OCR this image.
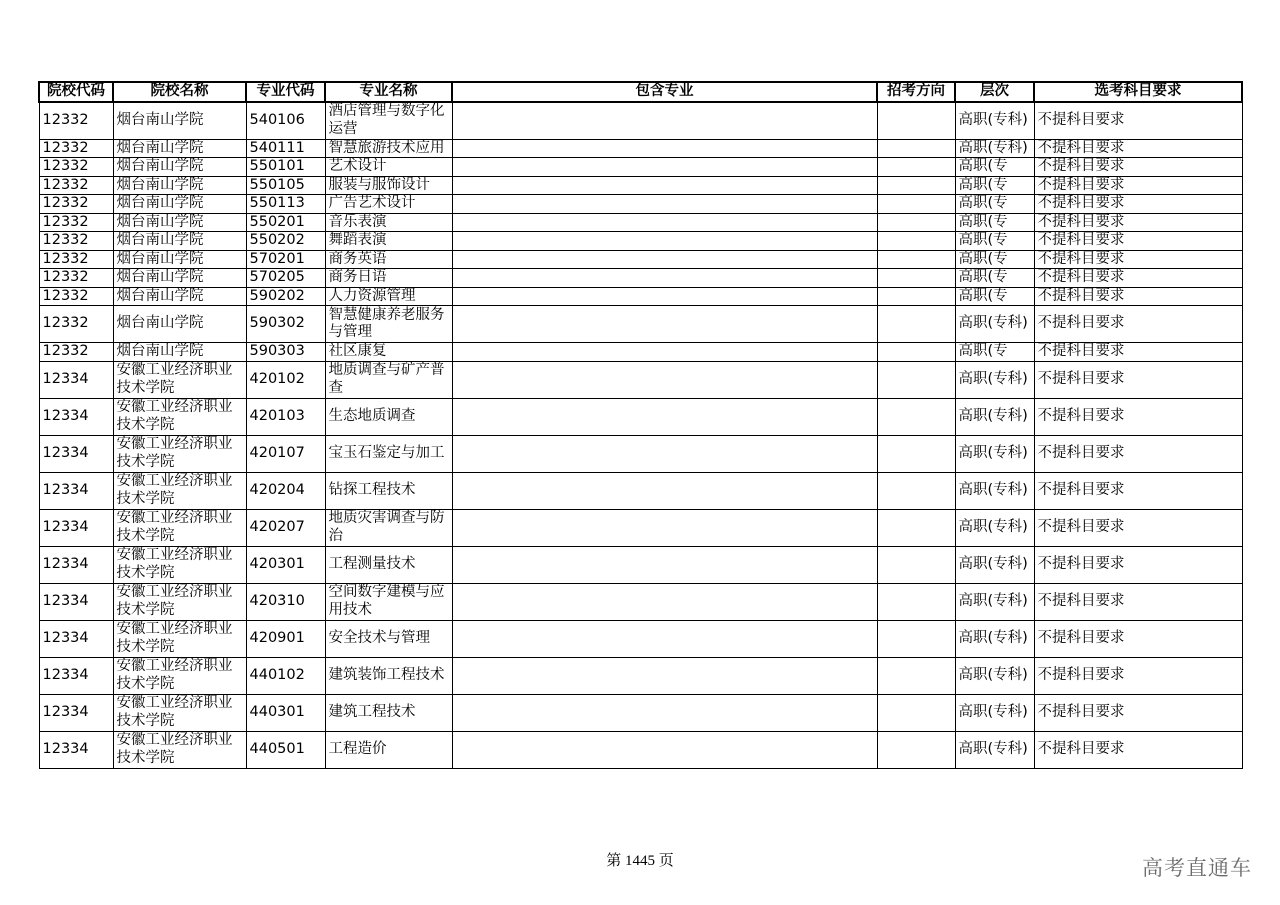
院校代码	院校名称	专业代码	专业名称	包含专业	招考方向	层次	选考科目要求
12332	烟台南山学院	540106	酒店管理与数字化运营			高职(专科)	不提科目要求
12332	烟台南山学院	540111	智慧旅游技术应用			高职(专科)	不提科目要求
12332	烟台南山学院	550101	艺术设计			高职(专	不提科目要求
12332	烟台南山学院	550105	服装与服饰设计			高职(专	不提科目要求
12332	烟台南山学院	550113	广告艺术设计			高职(专	不提科目要求
12332	烟台南山学院	550201	音乐表演			高职(专	不提科目要求
12332	烟台南山学院	550202	舞蹈表演			高职(专	不提科目要求
12332	烟台南山学院	570201	商务英语			高职(专	不提科目要求
12332	烟台南山学院	570205	商务日语			高职(专	不提科目要求
12332	烟台南山学院	590202	人力资源管理			高职(专	不提科目要求
12332	烟台南山学院	590302	智慧健康养老服务与管理			高职(专科)	不提科目要求
12332	烟台南山学院	590303	社区康复			高职(专	不提科目要求
12334	安徽工业经济职业技术学院	420102	地质调查与矿产普查			高职(专科)	不提科目要求
12334	安徽工业经济职业技术学院	420103	生态地质调查			高职(专科)	不提科目要求
12334	安徽工业经济职业技术学院	420107	宝玉石鉴定与加工			高职(专科)	不提科目要求
12334	安徽工业经济职业技术学院	420204	钻探工程技术			高职(专科)	不提科目要求
12334	安徽工业经济职业技术学院	420207	地质灾害调查与防治			高职(专科)	不提科目要求
12334	安徽工业经济职业技术学院	420301	工程测量技术			高职(专科)	不提科目要求
12334	安徽工业经济职业技术学院	420310	空间数字建模与应用技术			高职(专科)	不提科目要求
12334	安徽工业经济职业技术学院	420901	安全技术与管理			高职(专科)	不提科目要求
12334	安徽工业经济职业技术学院	440102	建筑装饰工程技术			高职(专科)	不提科目要求
12334	安徽工业经济职业技术学院	440301	建筑工程技术			高职(专科)	不提科目要求
12334	安徽工业经济职业技术学院	440501	工程造价			高职(专科)	不提科目要求
第 1445 页	高考直通车
